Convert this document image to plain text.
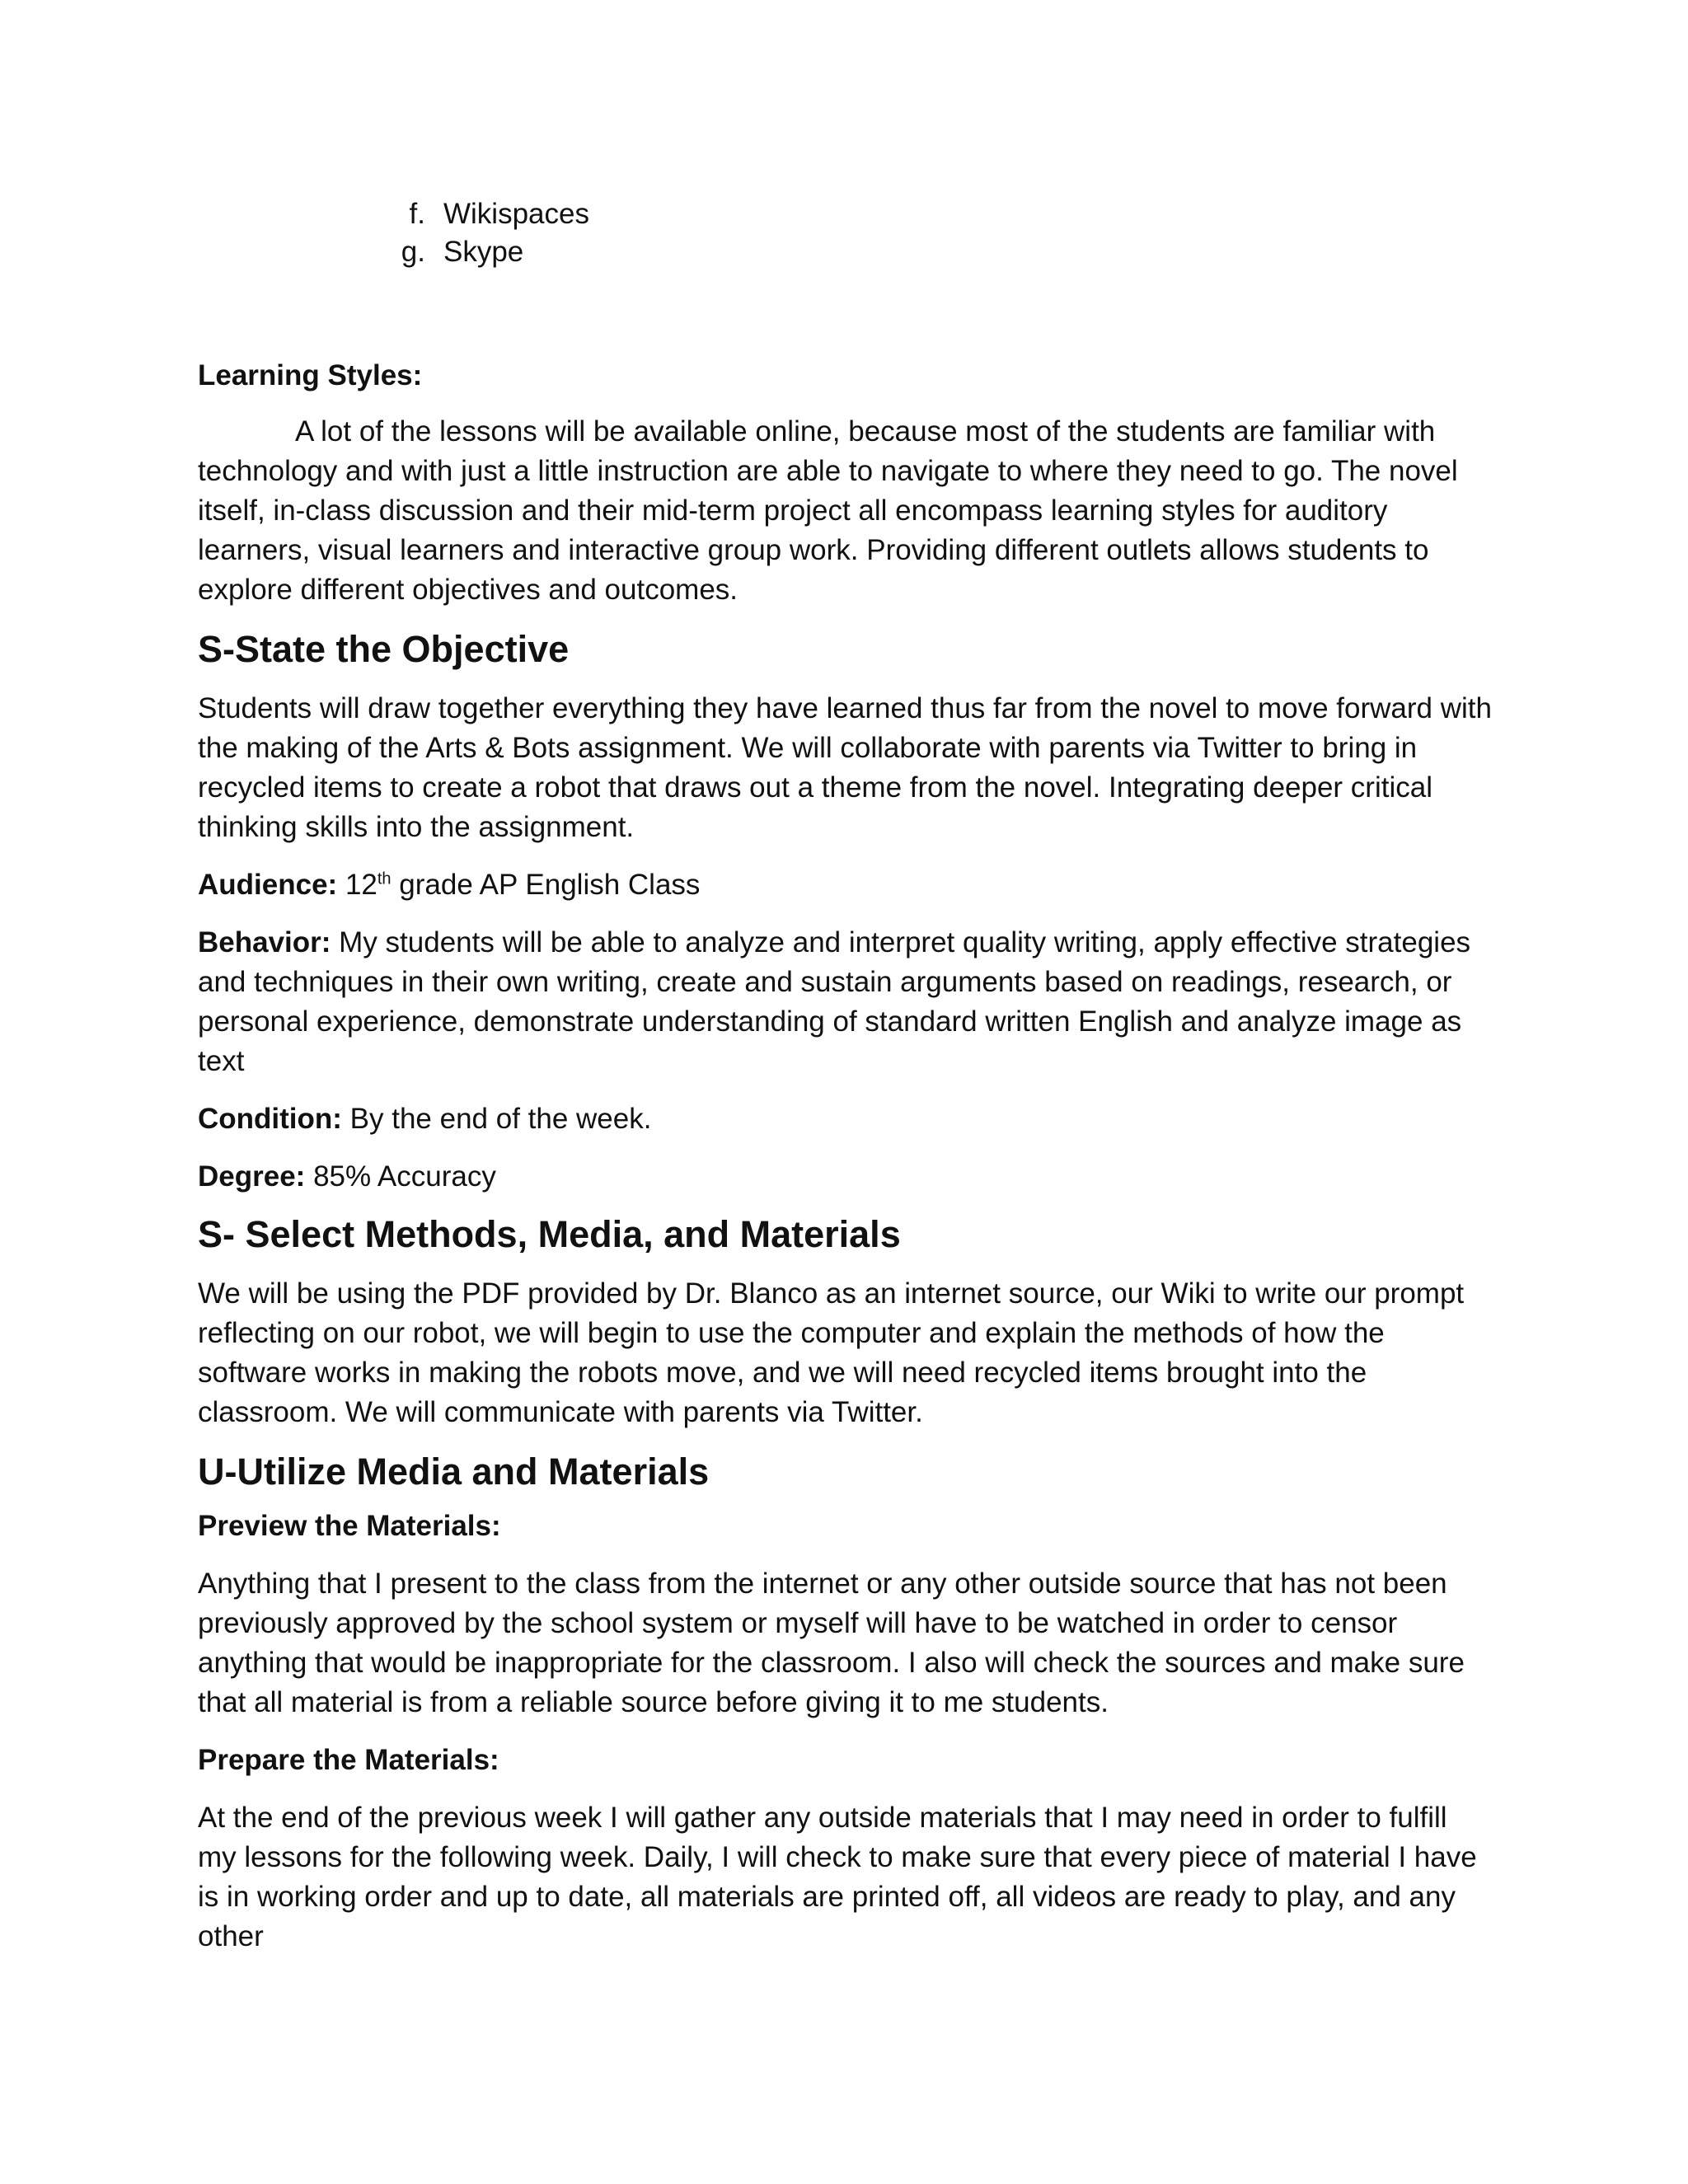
f. Wikispaces
g. Skype

Learning Styles:

A lot of the lessons will be available online, because most of the students are familiar with technology and with just a little instruction are able to navigate to where they need to go. The novel itself, in-class discussion and their mid-term project all encompass learning styles for auditory learners, visual learners and interactive group work. Providing different outlets allows students to explore different objectives and outcomes.

S-State the Objective

Students will draw together everything they have learned thus far from the novel to move forward with the making of the Arts & Bots assignment. We will collaborate with parents via Twitter to bring in recycled items to create a robot that draws out a theme from the novel. Integrating deeper critical thinking skills into the assignment.

Audience: 12th grade AP English Class

Behavior: My students will be able to analyze and interpret quality writing, apply effective strategies and techniques in their own writing, create and sustain arguments based on readings, research, or personal experience, demonstrate understanding of standard written English and analyze image as text

Condition: By the end of the week.

Degree: 85% Accuracy

S- Select Methods, Media, and Materials

We will be using the PDF provided by Dr. Blanco as an internet source, our Wiki to write our prompt reflecting on our robot, we will begin to use the computer and explain the methods of how the software works in making the robots move, and we will need recycled items brought into the classroom. We will communicate with parents via Twitter.

U-Utilize Media and Materials

Preview the Materials:

Anything that I present to the class from the internet or any other outside source that has not been previously approved by the school system or myself will have to be watched in order to censor anything that would be inappropriate for the classroom. I also will check the sources and make sure that all material is from a reliable source before giving it to me students.

Prepare the Materials:

At the end of the previous week I will gather any outside materials that I may need in order to fulfill my lessons for the following week. Daily, I will check to make sure that every piece of material I have is in working order and up to date, all materials are printed off, all videos are ready to play, and any other
